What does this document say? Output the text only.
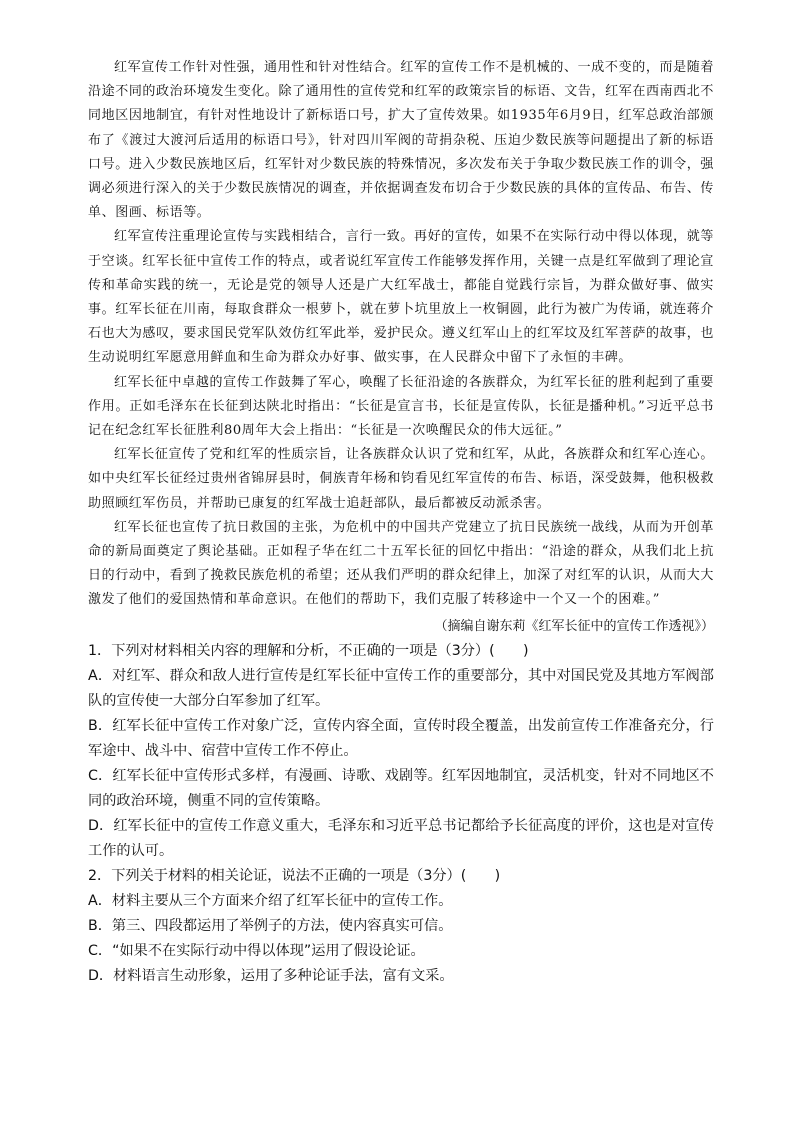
红军宣传工作针对性强，通用性和针对性结合。红军的宣传工作不是机械的、一成不变的，而是随着沿途不同的政治环境发生变化。除了通用性的宣传党和红军的政策宗旨的标语、文告，红军在西南西北不同地区因地制宜，有针对性地设计了新标语口号，扩大了宣传效果。如1935年6月9日，红军总政治部颁布了《渡过大渡河后适用的标语口号》，针对四川军阀的苛捐杂税、压迫少数民族等问题提出了新的标语口号。进入少数民族地区后，红军针对少数民族的特殊情况，多次发布关于争取少数民族工作的训令，强调必须进行深入的关于少数民族情况的调查，并依据调查发布切合于少数民族的具体的宣传品、布告、传单、图画、标语等。

红军宣传注重理论宣传与实践相结合，言行一致。再好的宣传，如果不在实际行动中得以体现，就等于空谈。红军长征中宣传工作的特点，或者说红军宣传工作能够发挥作用，关键一点是红军做到了理论宣传和革命实践的统一，无论是党的领导人还是广大红军战士，都能自觉践行宗旨，为群众做好事、做实事。红军长征在川南，每取食群众一根萝卜，就在萝卜坑里放上一枚铜圆，此行为被广为传诵，就连蒋介石也大为感叹，要求国民党军队效仿红军此举，爱护民众。遵义红军山上的红军坟及红军菩萨的故事，也生动说明红军愿意用鲜血和生命为群众办好事、做实事，在人民群众中留下了永恒的丰碑。

红军长征中卓越的宣传工作鼓舞了军心，唤醒了长征沿途的各族群众，为红军长征的胜利起到了重要作用。正如毛泽东在长征到达陕北时指出：“长征是宣言书，长征是宣传队，长征是播种机。”习近平总书记在纪念红军长征胜利80周年大会上指出：“长征是一次唤醒民众的伟大远征。”

红军长征宣传了党和红军的性质宗旨，让各族群众认识了党和红军，从此，各族群众和红军心连心。如中央红军长征经过贵州省锦屏县时，侗族青年杨和钧看见红军宣传的布告、标语，深受鼓舞，他积极救助照顾红军伤员，并帮助已康复的红军战士追赶部队，最后都被反动派杀害。

红军长征也宣传了抗日救国的主张，为危机中的中国共产党建立了抗日民族统一战线，从而为开创革命的新局面奠定了舆论基础。正如程子华在红二十五军长征的回忆中指出：“沿途的群众，从我们北上抗日的行动中，看到了挽救民族危机的希望；还从我们严明的群众纪律上，加深了对红军的认识，从而大大激发了他们的爱国热情和革命意识。在他们的帮助下，我们克服了转移途中一个又一个的困难。”

（摘编自谢东莉《红军长征中的宣传工作透视》）

1．下列对材料相关内容的理解和分析，不正确的一项是（3分）(　　)

A．对红军、群众和敌人进行宣传是红军长征中宣传工作的重要部分，其中对国民党及其地方军阀部队的宣传使一大部分白军参加了红军。

B．红军长征中宣传工作对象广泛，宣传内容全面，宣传时段全覆盖，出发前宣传工作准备充分，行军途中、战斗中、宿营中宣传工作不停止。

C．红军长征中宣传形式多样，有漫画、诗歌、戏剧等。红军因地制宜，灵活机变，针对不同地区不同的政治环境，侧重不同的宣传策略。

D．红军长征中的宣传工作意义重大，毛泽东和习近平总书记都给予长征高度的评价，这也是对宣传工作的认可。

2．下列关于材料的相关论证，说法不正确的一项是（3分）(　　)

A．材料主要从三个方面来介绍了红军长征中的宣传工作。

B．第三、四段都运用了举例子的方法，使内容真实可信。

C．“如果不在实际行动中得以体现”运用了假设论证。

D．材料语言生动形象，运用了多种论证手法，富有文采。
